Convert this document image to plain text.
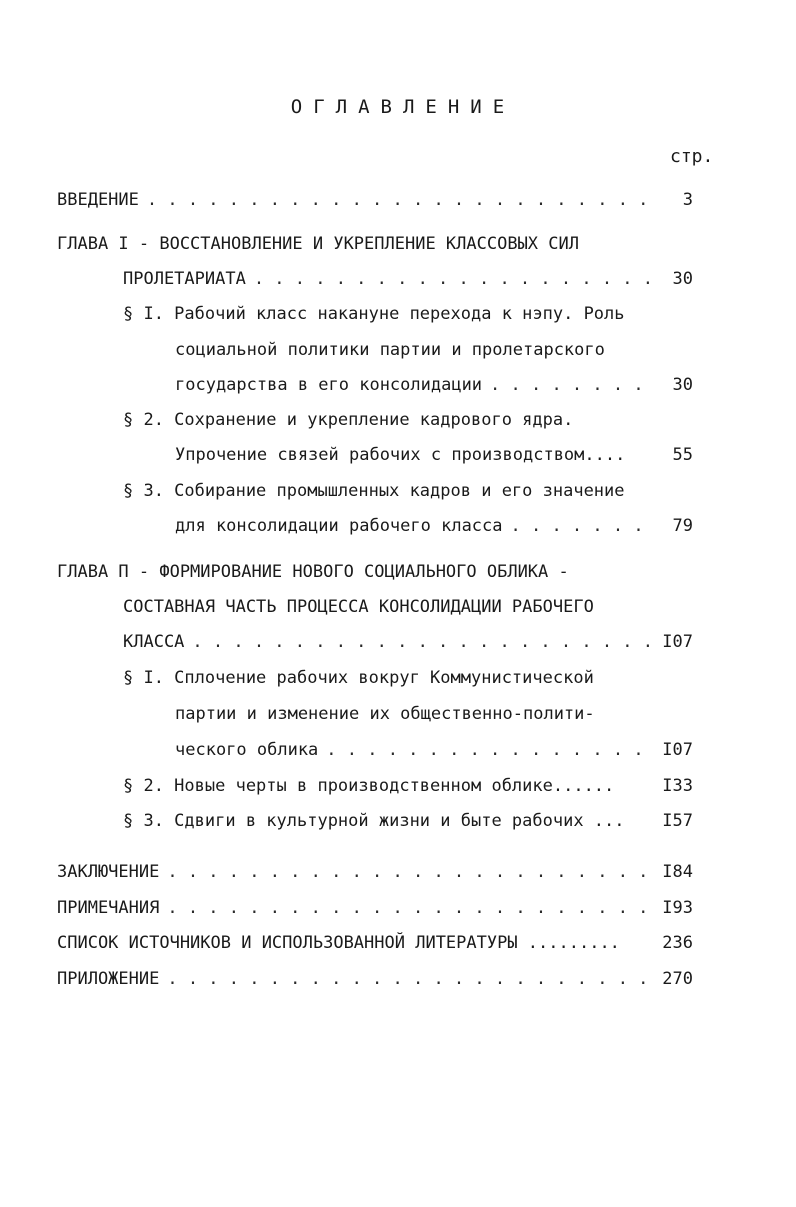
ОГЛАВЛЕНИЕ
стр.
ВВЕДЕНИЕ . . .	3
ГЛАВА I - ВОССТАНОВЛЕНИЕ И УКРЕПЛЕНИЕ КЛАССОВЫХ СИЛ
ПРОЛЕТАРИАТА . . .	30
§ I. Рабочий класс накануне перехода к нэпу. Роль
социальной политики партии и пролетарского
государства в его консолидации . . .	30
§ 2. Сохранение и укрепление кадрового ядра.
Упрочение связей рабочих с производством....	55
§ 3. Собирание промышленных кадров и его значение
для консолидации рабочего класса . . .	79
ГЛАВА П - ФОРМИРОВАНИЕ НОВОГО СОЦИАЛЬНОГО ОБЛИКА -
СОСТАВНАЯ ЧАСТЬ ПРОЦЕССА КОНСОЛИДАЦИИ РАБОЧЕГО
КЛАССА . . .	I07
§ I. Сплочение рабочих вокруг Коммунистической
партии и изменение их общественно-полити-
ческого облика . . .	I07
§ 2. Новые черты в производственном облике......	I33
§ 3. Сдвиги в культурной жизни и быте рабочих ... I57
ЗАКЛЮЧЕНИЕ . . .	I84
ПРИМЕЧАНИЯ . . .	I93
СПИСОК ИСТОЧНИКОВ И ИСПОЛЬЗОВАННОЙ ЛИТЕРАТУРЫ ......... 236
ПРИЛОЖЕНИЕ . . .	270
